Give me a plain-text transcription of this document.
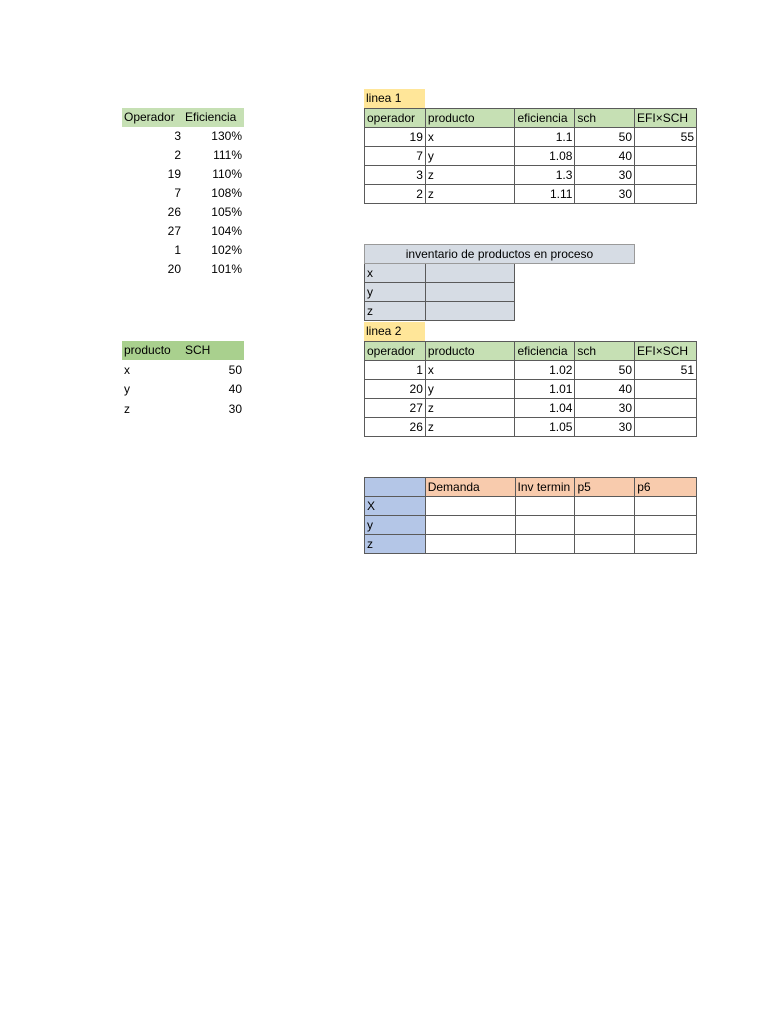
Operador Eficiencia
3	130%
2	111%
19	110%
7	108%
26	105%
27	104%
1	102%
20	101%
producto	SCH
x	50
y	40
z	30
linea 1
operador	producto	eficiencia	sch	EFI×SCH
19	x	1.1	50	55
7	y	1.08	40	
3	z	1.3	30	
2	z	1.11	30	
inventario de productos en proceso		
x		
y		
z		
linea 2
operador	producto	eficiencia	sch	EFI×SCH
1	x	1.02	50	51
20	y	1.01	40	
27	z	1.04	30	
26	z	1.05	30	
	Demanda	Inv termin	p5	p6
X				
y				
z				
